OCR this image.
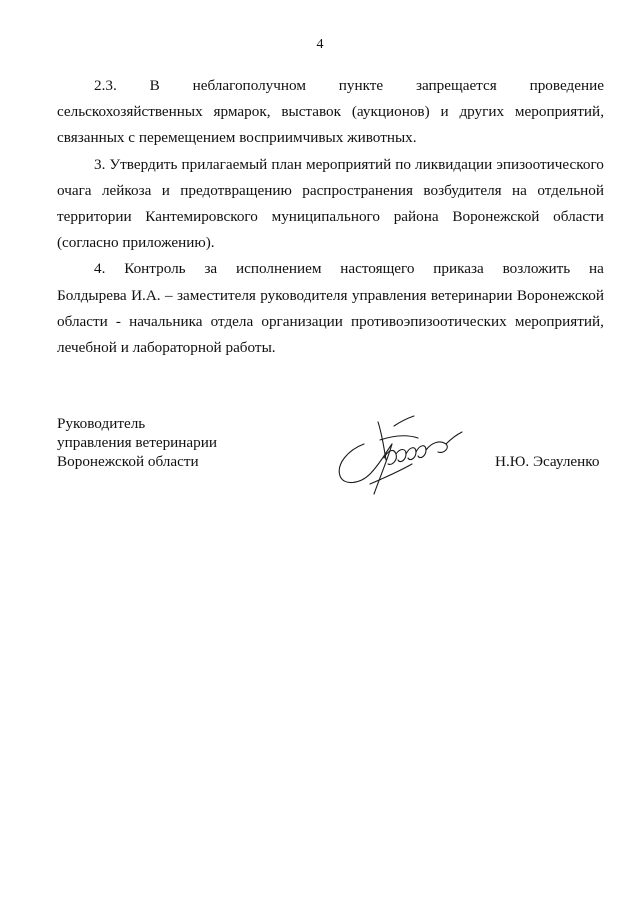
4
2.3. В неблагополучном пункте запрещается проведение
сельскохозяйственных ярмарок, выставок (аукционов) и других мероприятий,
связанных с перемещением восприимчивых животных.
3. Утвердить прилагаемый план мероприятий по ликвидации эпизоотического
очага лейкоза и предотвращению распространения возбудителя на отдельной
территории Кантемировского муниципального района Воронежской области
(согласно приложению).
4. Контроль за исполнением настоящего приказа возложить на
Болдырева И.А. – заместителя руководителя управления ветеринарии Воронежской
области - начальника отдела организации противоэпизоотических мероприятий,
лечебной и лабораторной работы.
Руководитель
управления ветеринарии
Воронежской области	Н.Ю. Эсауленко
